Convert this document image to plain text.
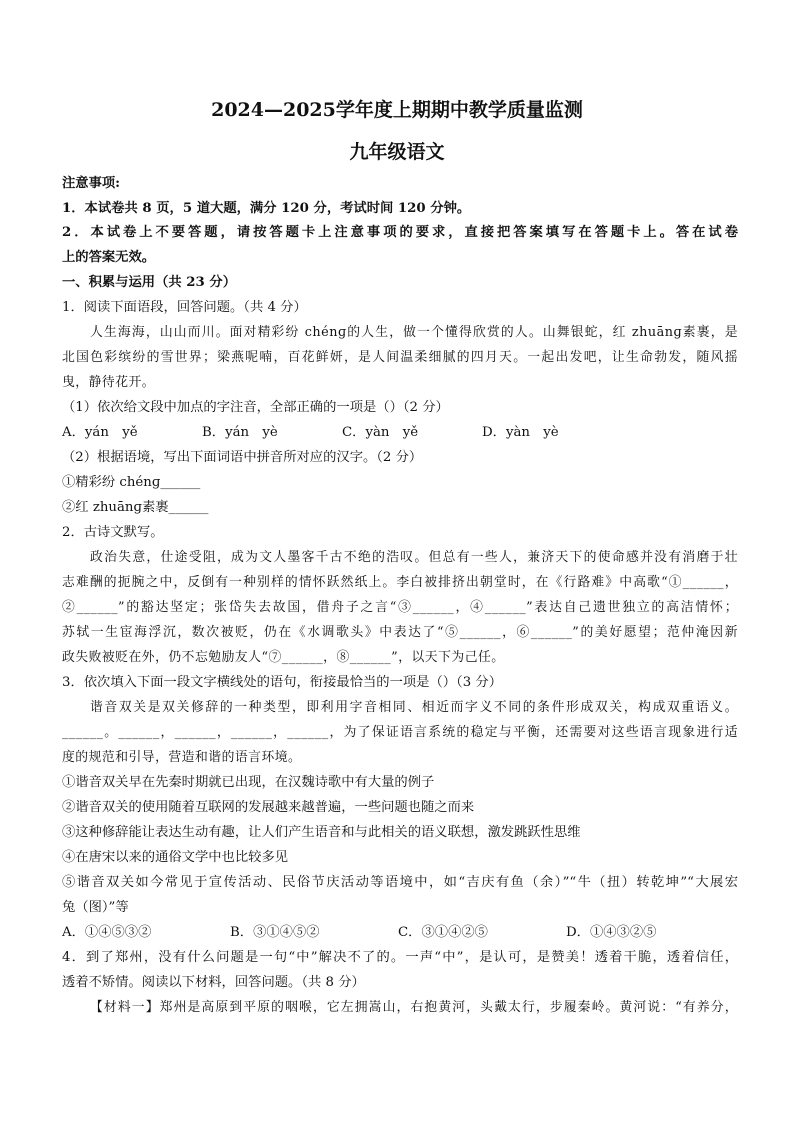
2024—2025学年度上期期中教学质量监测
九年级语文
注意事项:
1．本试卷共 8 页，5 道大题，满分 120 分，考试时间 120 分钟。
2．本试卷上不要答题，请按答题卡上注意事项的要求，直接把答案填写在答题卡上。答在试卷
上的答案无效。
一、积累与运用（共 23 分）
1．阅读下面语段，回答问题。（共 4 分）
人生海海，山山而川。面对精彩纷 chénɡ的人生，做一个懂得欣赏的人。山舞银蛇，红 zhuānɡ素裹，是
北国色彩缤纷的雪世界；梁燕呢喃，百花鲜妍，是人间温柔细腻的四月天。一起出发吧，让生命勃发，随风摇
曳，静待花开。
（1）依次给文段中加点的字注音，全部正确的一项是（）（2 分）
A．yán　yě	B．yán　yè	C．yàn　yě	D．yàn　yè
（2）根据语境，写出下面词语中拼音所对应的汉字。（2 分）
①精彩纷 chénɡ______
②红 zhuānɡ素裹______
2．古诗文默写。
政治失意，仕途受阻，成为文人墨客千古不绝的浩叹。但总有一些人，兼济天下的使命感并没有消磨于壮
志难酬的扼腕之中，反倒有一种别样的情怀跃然纸上。李白被排挤出朝堂时，在《行路难》中高歌“①______，
②______”的豁达坚定；张岱失去故国，借舟子之言“③______，④______”表达自己遗世独立的高洁情怀；
苏轼一生宦海浮沉，数次被贬，仍在《水调歌头》中表达了“⑤______，⑥______”的美好愿望；范仲淹因新
政失败被贬在外，仍不忘勉励友人“⑦______，⑧______”，以天下为己任。
3．依次填入下面一段文字横线处的语句，衔接最恰当的一项是（）（3 分）
谐音双关是双关修辞的一种类型，即利用字音相同、相近而字义不同的条件形成双关，构成双重语义。
______。______，______，______，______，为了保证语言系统的稳定与平衡，还需要对这些语言现象进行适
度的规范和引导，营造和谐的语言环境。
①谐音双关早在先秦时期就已出现，在汉魏诗歌中有大量的例子
②谐音双关的使用随着互联网的发展越来越普遍，一些问题也随之而来
③这种修辞能让表达生动有趣，让人们产生语音和与此相关的语义联想，激发跳跃性思维
④在唐宋以来的通俗文学中也比较多见
⑤谐音双关如今常见于宣传活动、民俗节庆活动等语境中，如“吉庆有鱼（余）”“牛（扭）转乾坤”“大展宏
兔（图）”等
A．①④⑤③②	B．③①④⑤②	C．③①④②⑤	D．①④③②⑤
4．到了郑州，没有什么问题是一句“中”解决不了的。一声“中”，是认可，是赞美！透着干脆，透着信任，
透着不矫情。阅读以下材料，回答问题。（共 8 分）
【材料一】郑州是高原到平原的咽喉，它左拥嵩山，右抱黄河，头戴太行，步履秦岭。黄河说：“有养分，
